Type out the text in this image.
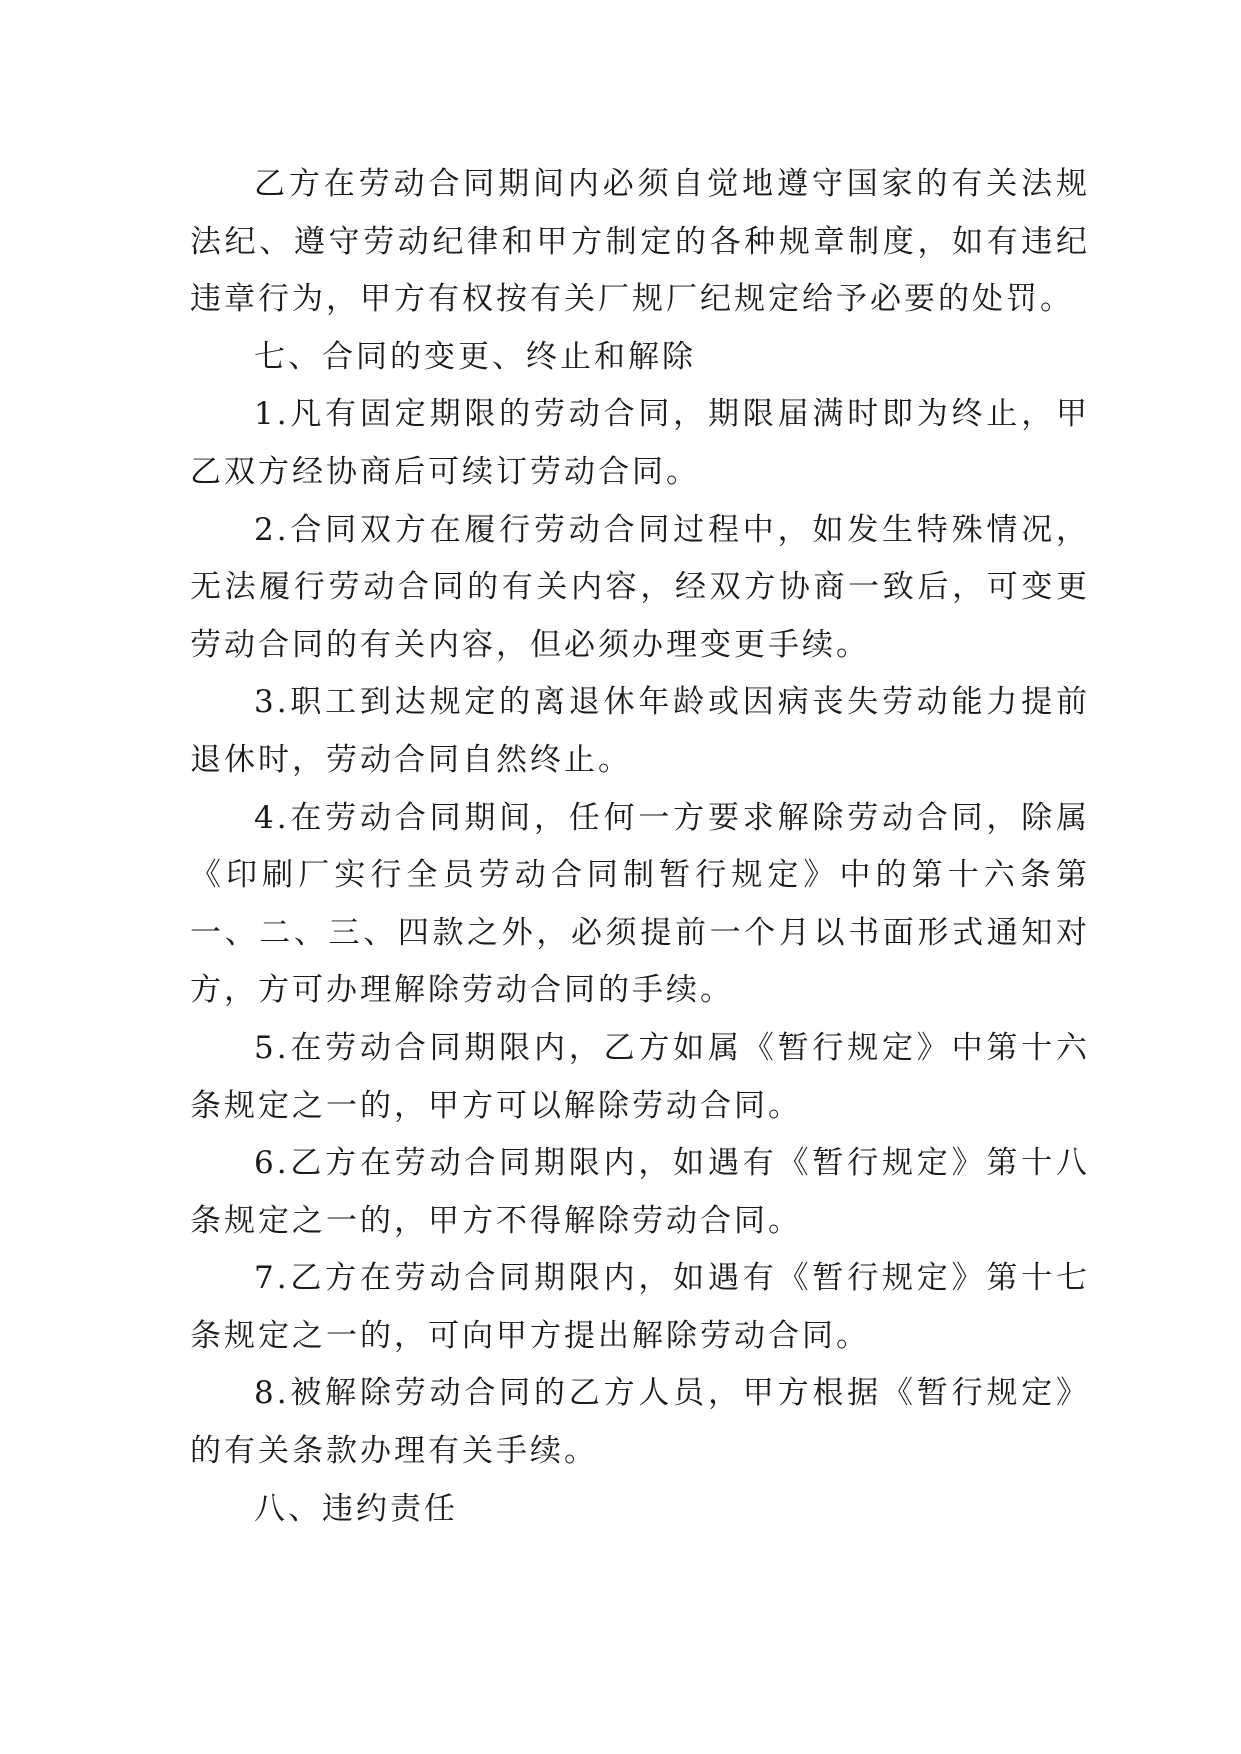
乙方在劳动合同期间内必须自觉地遵守国家的有关法规法纪、遵守劳动纪律和甲方制定的各种规章制度，如有违纪违章行为，甲方有权按有关厂规厂纪规定给予必要的处罚。

七、合同的变更、终止和解除

1.凡有固定期限的劳动合同，期限届满时即为终止，甲乙双方经协商后可续订劳动合同。

2.合同双方在履行劳动合同过程中，如发生特殊情况，无法履行劳动合同的有关内容，经双方协商一致后，可变更劳动合同的有关内容，但必须办理变更手续。

3.职工到达规定的离退休年龄或因病丧失劳动能力提前退休时，劳动合同自然终止。

4.在劳动合同期间，任何一方要求解除劳动合同，除属《印刷厂实行全员劳动合同制暂行规定》中的第十六条第一、二、三、四款之外，必须提前一个月以书面形式通知对方，方可办理解除劳动合同的手续。

5.在劳动合同期限内，乙方如属《暂行规定》中第十六条规定之一的，甲方可以解除劳动合同。

6.乙方在劳动合同期限内，如遇有《暂行规定》第十八条规定之一的，甲方不得解除劳动合同。

7.乙方在劳动合同期限内，如遇有《暂行规定》第十七条规定之一的，可向甲方提出解除劳动合同。

8.被解除劳动合同的乙方人员，甲方根据《暂行规定》的有关条款办理有关手续。

八、违约责任
